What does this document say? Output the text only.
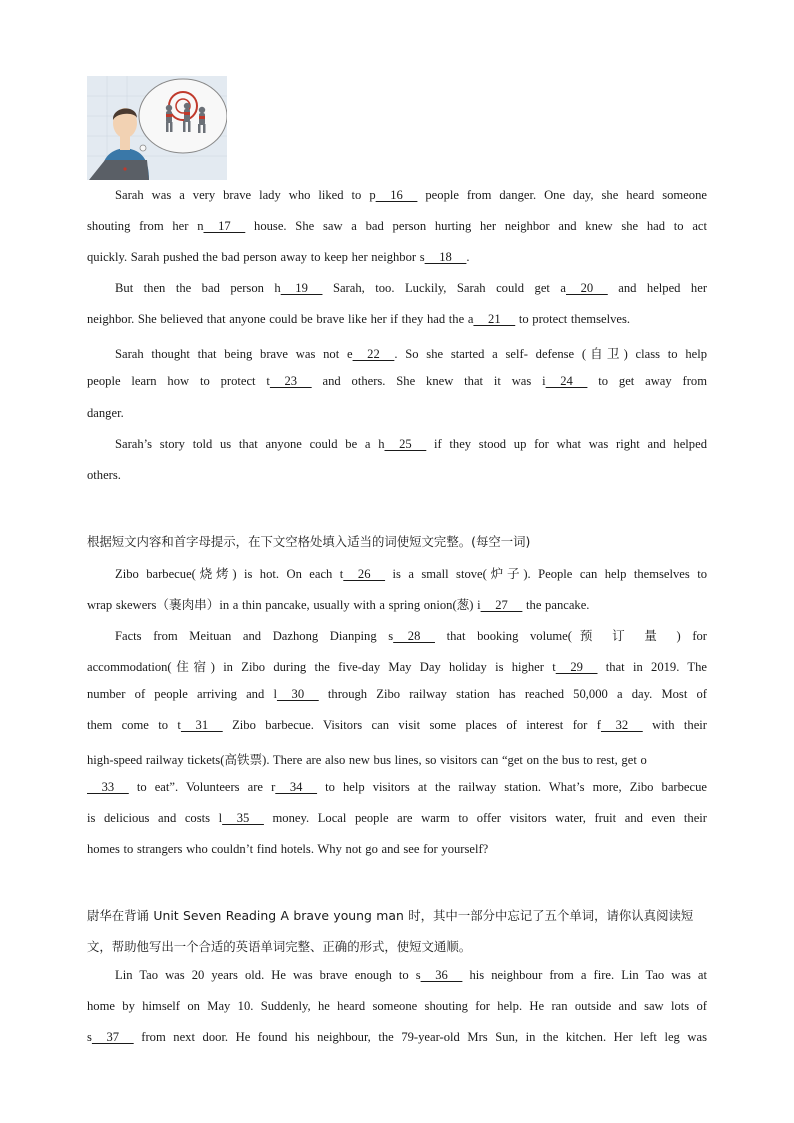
Sarah was a very brave lady who liked to p    16     people from danger. One day, she heard someone
shouting from her n    17     house. She saw a bad person hurting her neighbor and knew she had to act
quickly. Sarah pushed the bad person away to keep her neighbor s    18    .
But then the bad person h    19     Sarah, too. Luckily, Sarah could get a    20     and helped her
neighbor. She believed that anyone could be brave like her if they had the a    21     to protect themselves.
Sarah thought that being brave was not e    22    . So she started a self- defense (自卫) class to help
people learn how to protect t    23     and others. She knew that it was i    24     to get away from
danger.
Sarah’s story told us that anyone could be a h    25     if they stood up for what was right and helped
others.
根据短文内容和首字母提示，在下文空格处填入适当的词使短文完整。(每空一词)
Zibo barbecue(烧烤) is hot. On each t    26     is a small stove(炉子). People can help themselves to
wrap skewers（裹肉串）in a thin pancake, usually with a spring onion(葱) i    27     the pancake.
Facts from Meituan and Dazhong Dianping s    28     that booking volume(预 订 量 ) for
accommodation(住宿) in Zibo during the five-day May Day holiday is higher t    29     that in 2019. The
number of people arriving and l    30     through Zibo railway station has reached 50,000 a day. Most of
them come to t    31     Zibo barbecue. Visitors can visit some places of interest for f    32     with their
high-speed railway tickets(高铁票). There are also new bus lines, so visitors can “get on the bus to rest, get o
33     to eat”. Volunteers are r    34     to help visitors at the railway station. What’s more, Zibo barbecue
is delicious and costs l    35     money. Local people are warm to offer visitors water, fruit and even their
homes to strangers who couldn’t find hotels. Why not go and see for yourself?
尉华在背诵 Unit Seven Reading A brave young man 时，其中一部分中忘记了五个单词，请你认真阅读短
文，帮助他写出一个合适的英语单词完整、正确的形式，使短文通顺。
Lin Tao was 20 years old. He was brave enough to s    36     his neighbour from a fire. Lin Tao was at
home by himself on May 10. Suddenly, he heard someone shouting for help. He ran outside and saw lots of
s    37     from next door. He found his neighbour, the 79-year-old Mrs Sun, in the kitchen. Her left leg was
